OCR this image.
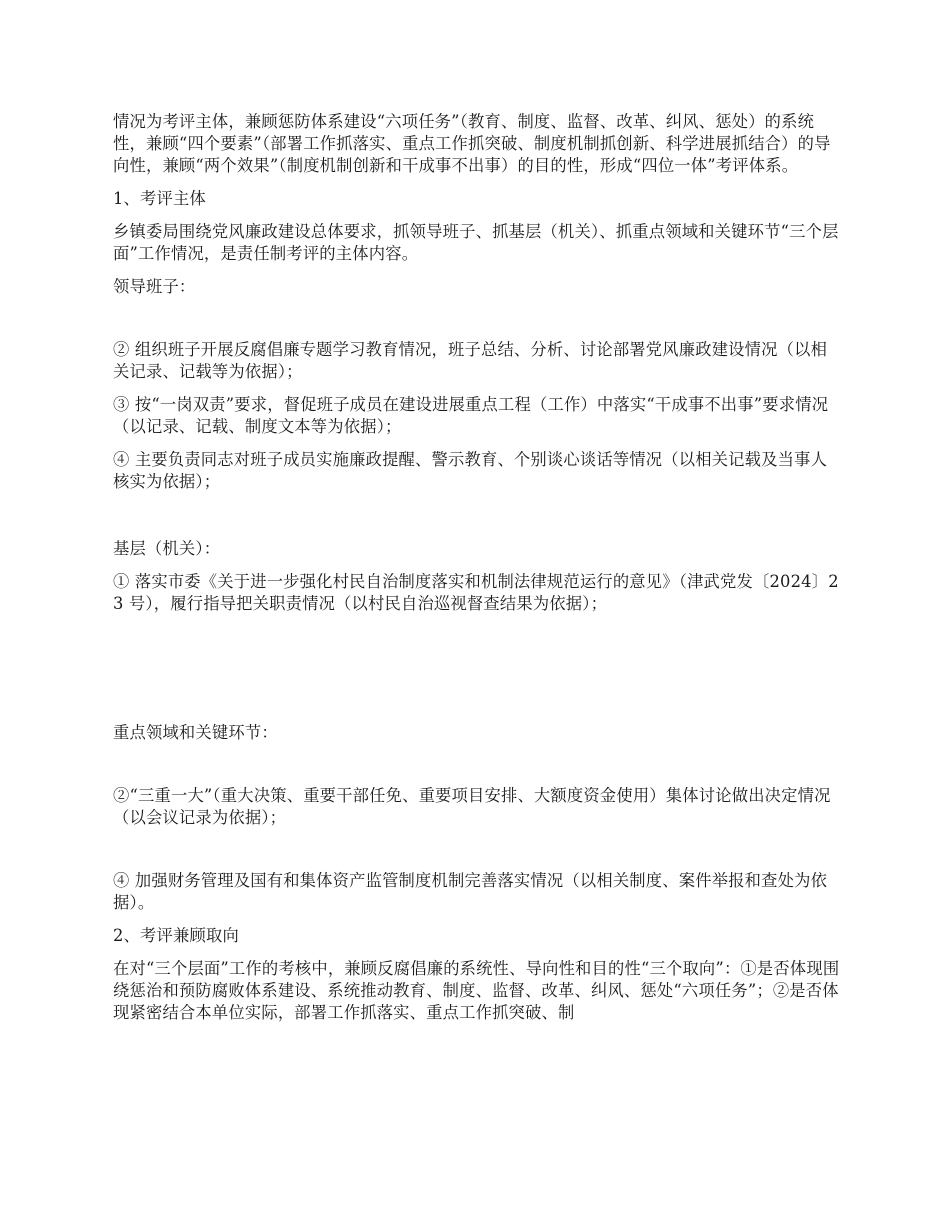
情况为考评主体，兼顾惩防体系建设“六项任务”（教育、制度、监督、改革、纠风、惩处）的系统性，兼顾“四个要素”（部署工作抓落实、重点工作抓突破、制度机制抓创新、科学进展抓结合）的导向性，兼顾“两个效果”（制度机制创新和干成事不出事）的目的性，形成“四位一体”考评体系。

1、考评主体

乡镇委局围绕党风廉政建设总体要求，抓领导班子、抓基层（机关）、抓重点领域和关键环节“三个层面”工作情况，是责任制考评的主体内容。

领导班子：

② 组织班子开展反腐倡廉专题学习教育情况，班子总结、分析、讨论部署党风廉政建设情况（以相关记录、记载等为依据）；

③ 按“一岗双责”要求，督促班子成员在建设进展重点工程（工作）中落实“干成事不出事”要求情况（以记录、记载、制度文本等为依据）；

④ 主要负责同志对班子成员实施廉政提醒、警示教育、个别谈心谈话等情况（以相关记载及当事人核实为依据）；

基层（机关）：

① 落实市委《关于进一步强化村民自治制度落实和机制法律规范运行的意见》（津武党发〔2024〕23 号），履行指导把关职责情况（以村民自治巡视督查结果为依据）；

重点领域和关键环节：

②“三重一大”（重大决策、重要干部任免、重要项目安排、大额度资金使用）集体讨论做出决定情况（以会议记录为依据）；

④ 加强财务管理及国有和集体资产监管制度机制完善落实情况（以相关制度、案件举报和查处为依据）。

2、考评兼顾取向

在对“三个层面”工作的考核中，兼顾反腐倡廉的系统性、导向性和目的性“三个取向”：①是否体现围绕惩治和预防腐败体系建设、系统推动教育、制度、监督、改革、纠风、惩处“六项任务”；②是否体现紧密结合本单位实际，部署工作抓落实、重点工作抓突破、制
